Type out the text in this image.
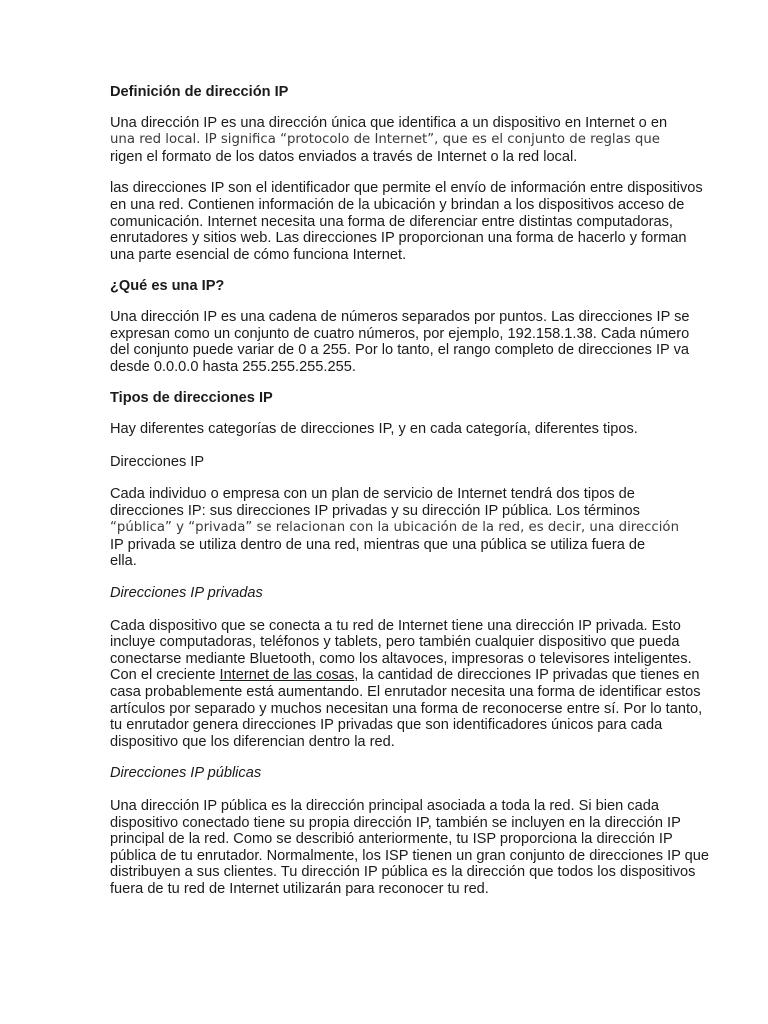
Definición de dirección IP

Una dirección IP es una dirección única que identifica a un dispositivo en Internet o en
una red local. IP significa “protocolo de Internet”, que es el conjunto de reglas que
rigen el formato de los datos enviados a través de Internet o la red local.

las direcciones IP son el identificador que permite el envío de información entre dispositivos en una red. Contienen información de la ubicación y brindan a los dispositivos acceso de comunicación. Internet necesita una forma de diferenciar entre distintas computadoras, enrutadores y sitios web. Las direcciones IP proporcionan una forma de hacerlo y forman una parte esencial de cómo funciona Internet.

¿Qué es una IP?

Una dirección IP es una cadena de números separados por puntos. Las direcciones IP se expresan como un conjunto de cuatro números, por ejemplo, 192.158.1.38. Cada número del conjunto puede variar de 0 a 255. Por lo tanto, el rango completo de direcciones IP va desde 0.0.0.0 hasta 255.255.255.255.

Tipos de direcciones IP

Hay diferentes categorías de direcciones IP, y en cada categoría, diferentes tipos.

Direcciones IP

Cada individuo o empresa con un plan de servicio de Internet tendrá dos tipos de
direcciones IP: sus direcciones IP privadas y su dirección IP pública. Los términos
“pública” y “privada” se relacionan con la ubicación de la red, es decir, una dirección
IP privada se utiliza dentro de una red, mientras que una pública se utiliza fuera de
ella.

Direcciones IP privadas

Cada dispositivo que se conecta a tu red de Internet tiene una dirección IP privada. Esto incluye computadoras, teléfonos y tablets, pero también cualquier dispositivo que pueda conectarse mediante Bluetooth, como los altavoces, impresoras o televisores inteligentes. Con el creciente Internet de las cosas, la cantidad de direcciones IP privadas que tienes en casa probablemente está aumentando. El enrutador necesita una forma de identificar estos artículos por separado y muchos necesitan una forma de reconocerse entre sí. Por lo tanto, tu enrutador genera direcciones IP privadas que son identificadores únicos para cada dispositivo que los diferencian dentro la red.

Direcciones IP públicas

Una dirección IP pública es la dirección principal asociada a toda la red. Si bien cada dispositivo conectado tiene su propia dirección IP, también se incluyen en la dirección IP principal de la red. Como se describió anteriormente, tu ISP proporciona la dirección IP pública de tu enrutador. Normalmente, los ISP tienen un gran conjunto de direcciones IP que distribuyen a sus clientes. Tu dirección IP pública es la dirección que todos los dispositivos fuera de tu red de Internet utilizarán para reconocer tu red.
